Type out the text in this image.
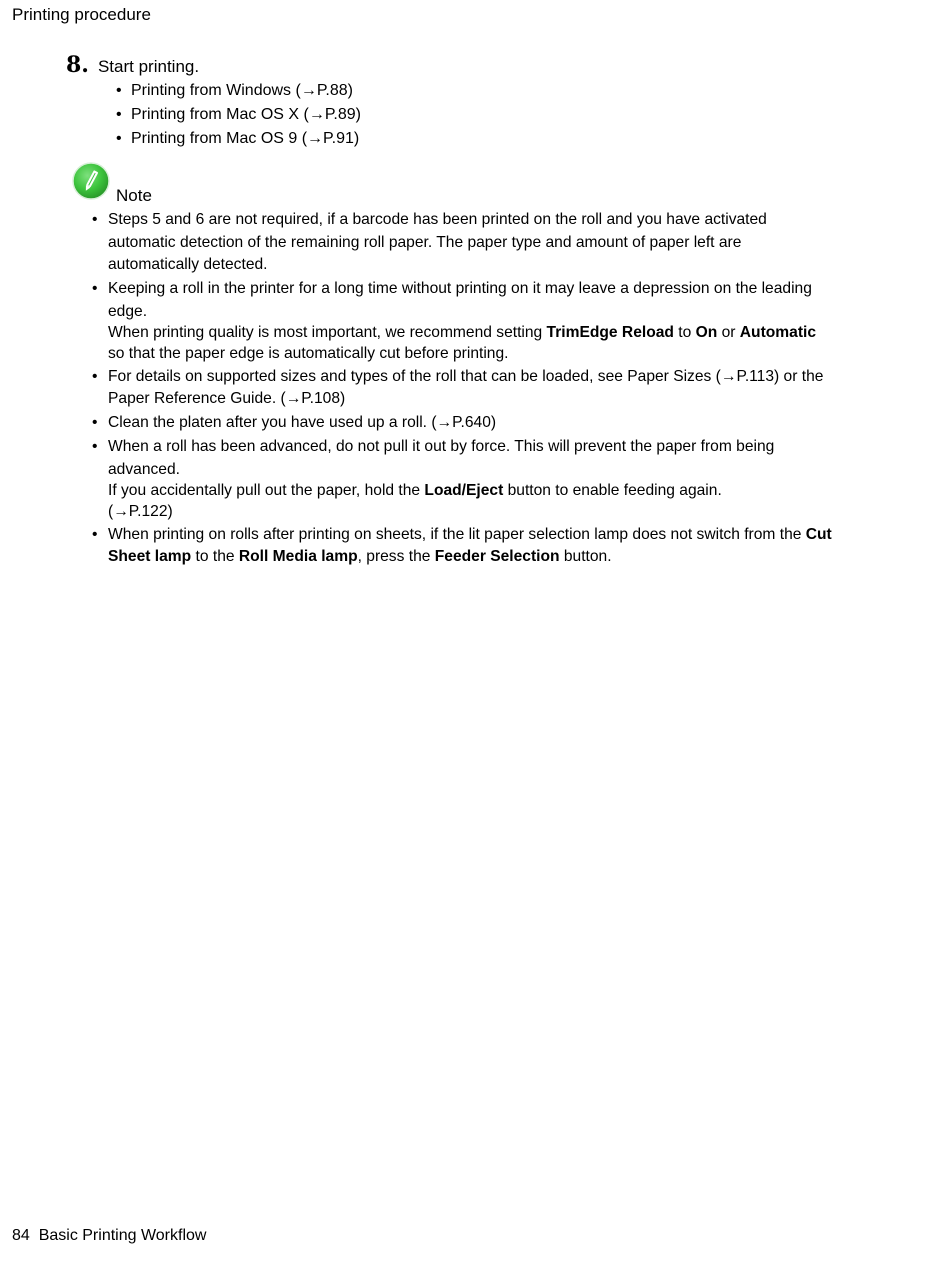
Printing procedure
8. Start printing.
• Printing from Windows (→P.88)
• Printing from Mac OS X (→P.89)
• Printing from Mac OS 9 (→P.91)
Note
• Steps 5 and 6 are not required, if a barcode has been printed on the roll and you have activated automatic detection of the remaining roll paper. The paper type and amount of paper left are automatically detected.
• Keeping a roll in the printer for a long time without printing on it may leave a depression on the leading edge.
When printing quality is most important, we recommend setting TrimEdge Reload to On or Automatic so that the paper edge is automatically cut before printing.
• For details on supported sizes and types of the roll that can be loaded, see Paper Sizes (→P.113) or the Paper Reference Guide. (→P.108)
• Clean the platen after you have used up a roll. (→P.640)
• When a roll has been advanced, do not pull it out by force. This will prevent the paper from being advanced.
If you accidentally pull out the paper, hold the Load/Eject button to enable feeding again.
(→P.122)
• When printing on rolls after printing on sheets, if the lit paper selection lamp does not switch from the Cut Sheet lamp to the Roll Media lamp, press the Feeder Selection button.
84 Basic Printing Workflow
